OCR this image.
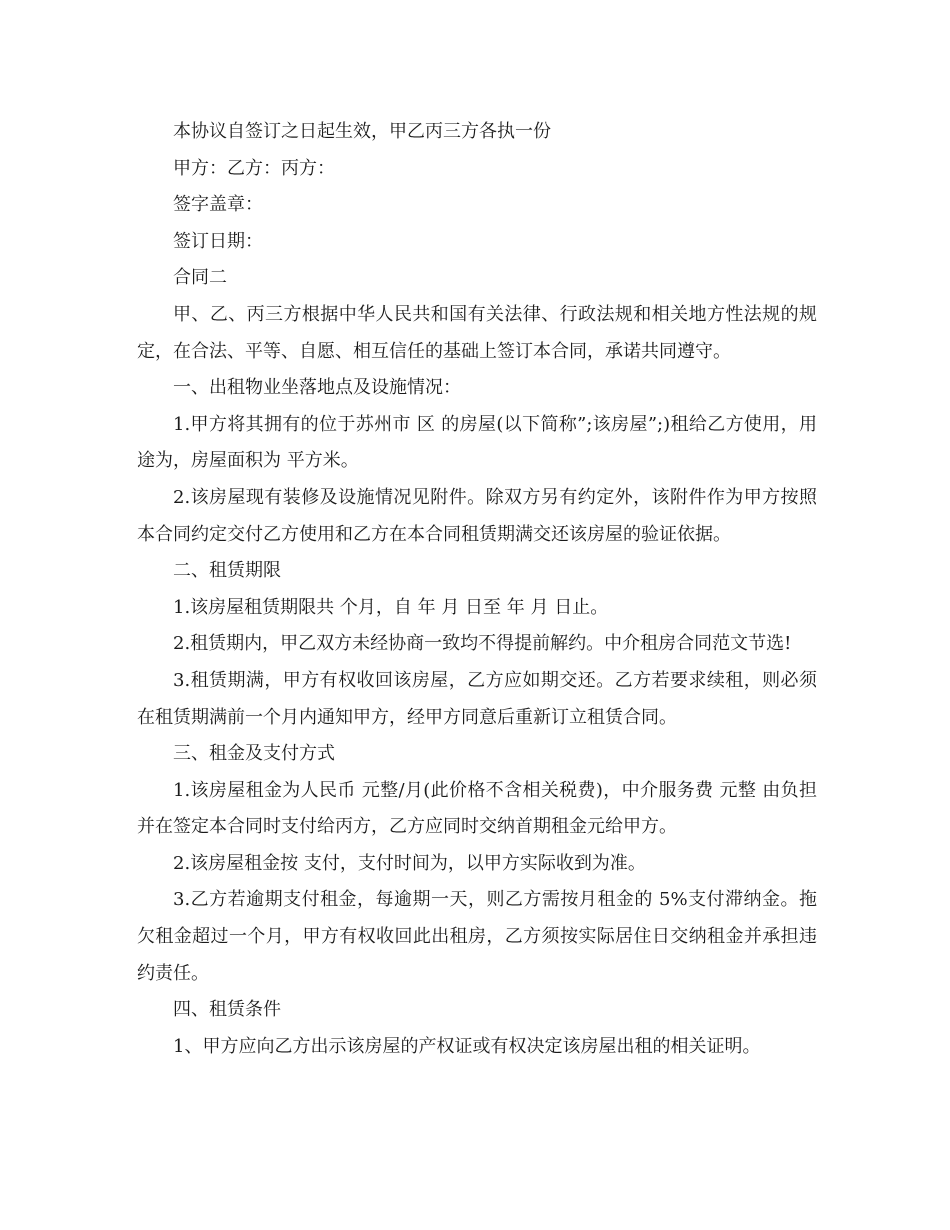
本协议自签订之日起生效，甲乙丙三方各执一份

甲方：乙方：丙方：

签字盖章：

签订日期：

合同二

甲、乙、丙三方根据中华人民共和国有关法律、行政法规和相关地方性法规的规定，在合法、平等、自愿、相互信任的基础上签订本合同，承诺共同遵守。

一、出租物业坐落地点及设施情况：

1.甲方将其拥有的位于苏州市 区 的房屋(以下简称”;该房屋”;)租给乙方使用，用途为，房屋面积为 平方米。

2.该房屋现有装修及设施情况见附件。除双方另有约定外，该附件作为甲方按照本合同约定交付乙方使用和乙方在本合同租赁期满交还该房屋的验证依据。

二、租赁期限

1.该房屋租赁期限共 个月，自 年 月 日至 年 月 日止。

2.租赁期内，甲乙双方未经协商一致均不得提前解约。中介租房合同范文节选!

3.租赁期满，甲方有权收回该房屋，乙方应如期交还。乙方若要求续租，则必须在租赁期满前一个月内通知甲方，经甲方同意后重新订立租赁合同。

三、租金及支付方式

1.该房屋租金为人民币 元整/月(此价格不含相关税费)，中介服务费 元整 由负担并在签定本合同时支付给丙方，乙方应同时交纳首期租金元给甲方。

2.该房屋租金按 支付，支付时间为，以甲方实际收到为准。

3.乙方若逾期支付租金，每逾期一天，则乙方需按月租金的 5%支付滞纳金。拖欠租金超过一个月，甲方有权收回此出租房，乙方须按实际居住日交纳租金并承担违约责任。

四、租赁条件

1、甲方应向乙方出示该房屋的产权证或有权决定该房屋出租的相关证明。
